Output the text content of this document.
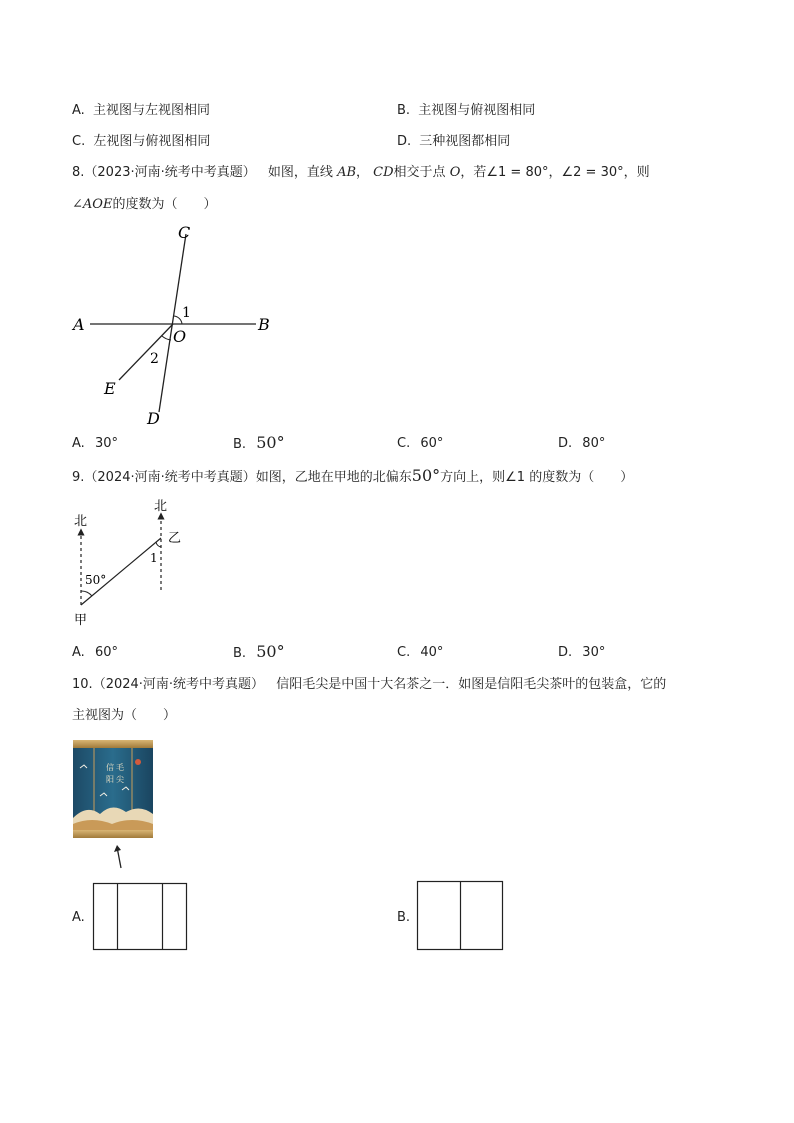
A. 主视图与左视图相同	B. 主视图与俯视图相同
C. 左视图与俯视图相同	D. 三种视图都相同
8.（2023·河南·统考中考真题） 如图，直线 AB， CD相交于点 O，若∠1 = 80°，∠2 = 30°，则
∠AOE的度数为（　　）
C
A	B
O
E
D
1
2
A. 30°	B. 50°	C. 60°	D. 80°
9.（2024·河南·统考中考真题）如图，乙地在甲地的北偏东50°方向上，则∠1 的度数为（　　）
北
北
乙
甲
50°
1
A. 60°	B. 50°	C. 40°	D. 30°
10.（2024·河南·统考中考真题） 信阳毛尖是中国十大名茶之一．如图是信阳毛尖茶叶的包装盒，它的
主视图为（　　）
信 毛
阳 尖
A.	B.
